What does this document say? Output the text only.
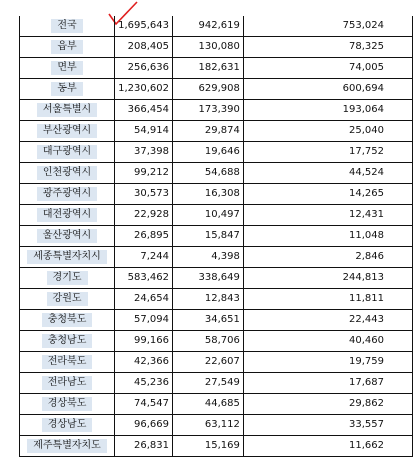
전국	1,695,643	942,619	753,024
읍부	208,405	130,080	78,325
면부	256,636	182,631	74,005
동부	1,230,602	629,908	600,694
서울특별시	366,454	173,390	193,064
부산광역시	54,914	29,874	25,040
대구광역시	37,398	19,646	17,752
인천광역시	99,212	54,688	44,524
광주광역시	30,573	16,308	14,265
대전광역시	22,928	10,497	12,431
울산광역시	26,895	15,847	11,048
세종특별자치시	7,244	4,398	2,846
경기도	583,462	338,649	244,813
강원도	24,654	12,843	11,811
충청북도	57,094	34,651	22,443
충청남도	99,166	58,706	40,460
전라북도	42,366	22,607	19,759
전라남도	45,236	27,549	17,687
경상북도	74,547	44,685	29,862
경상남도	96,669	63,112	33,557
제주특별자치도	26,831	15,169	11,662
